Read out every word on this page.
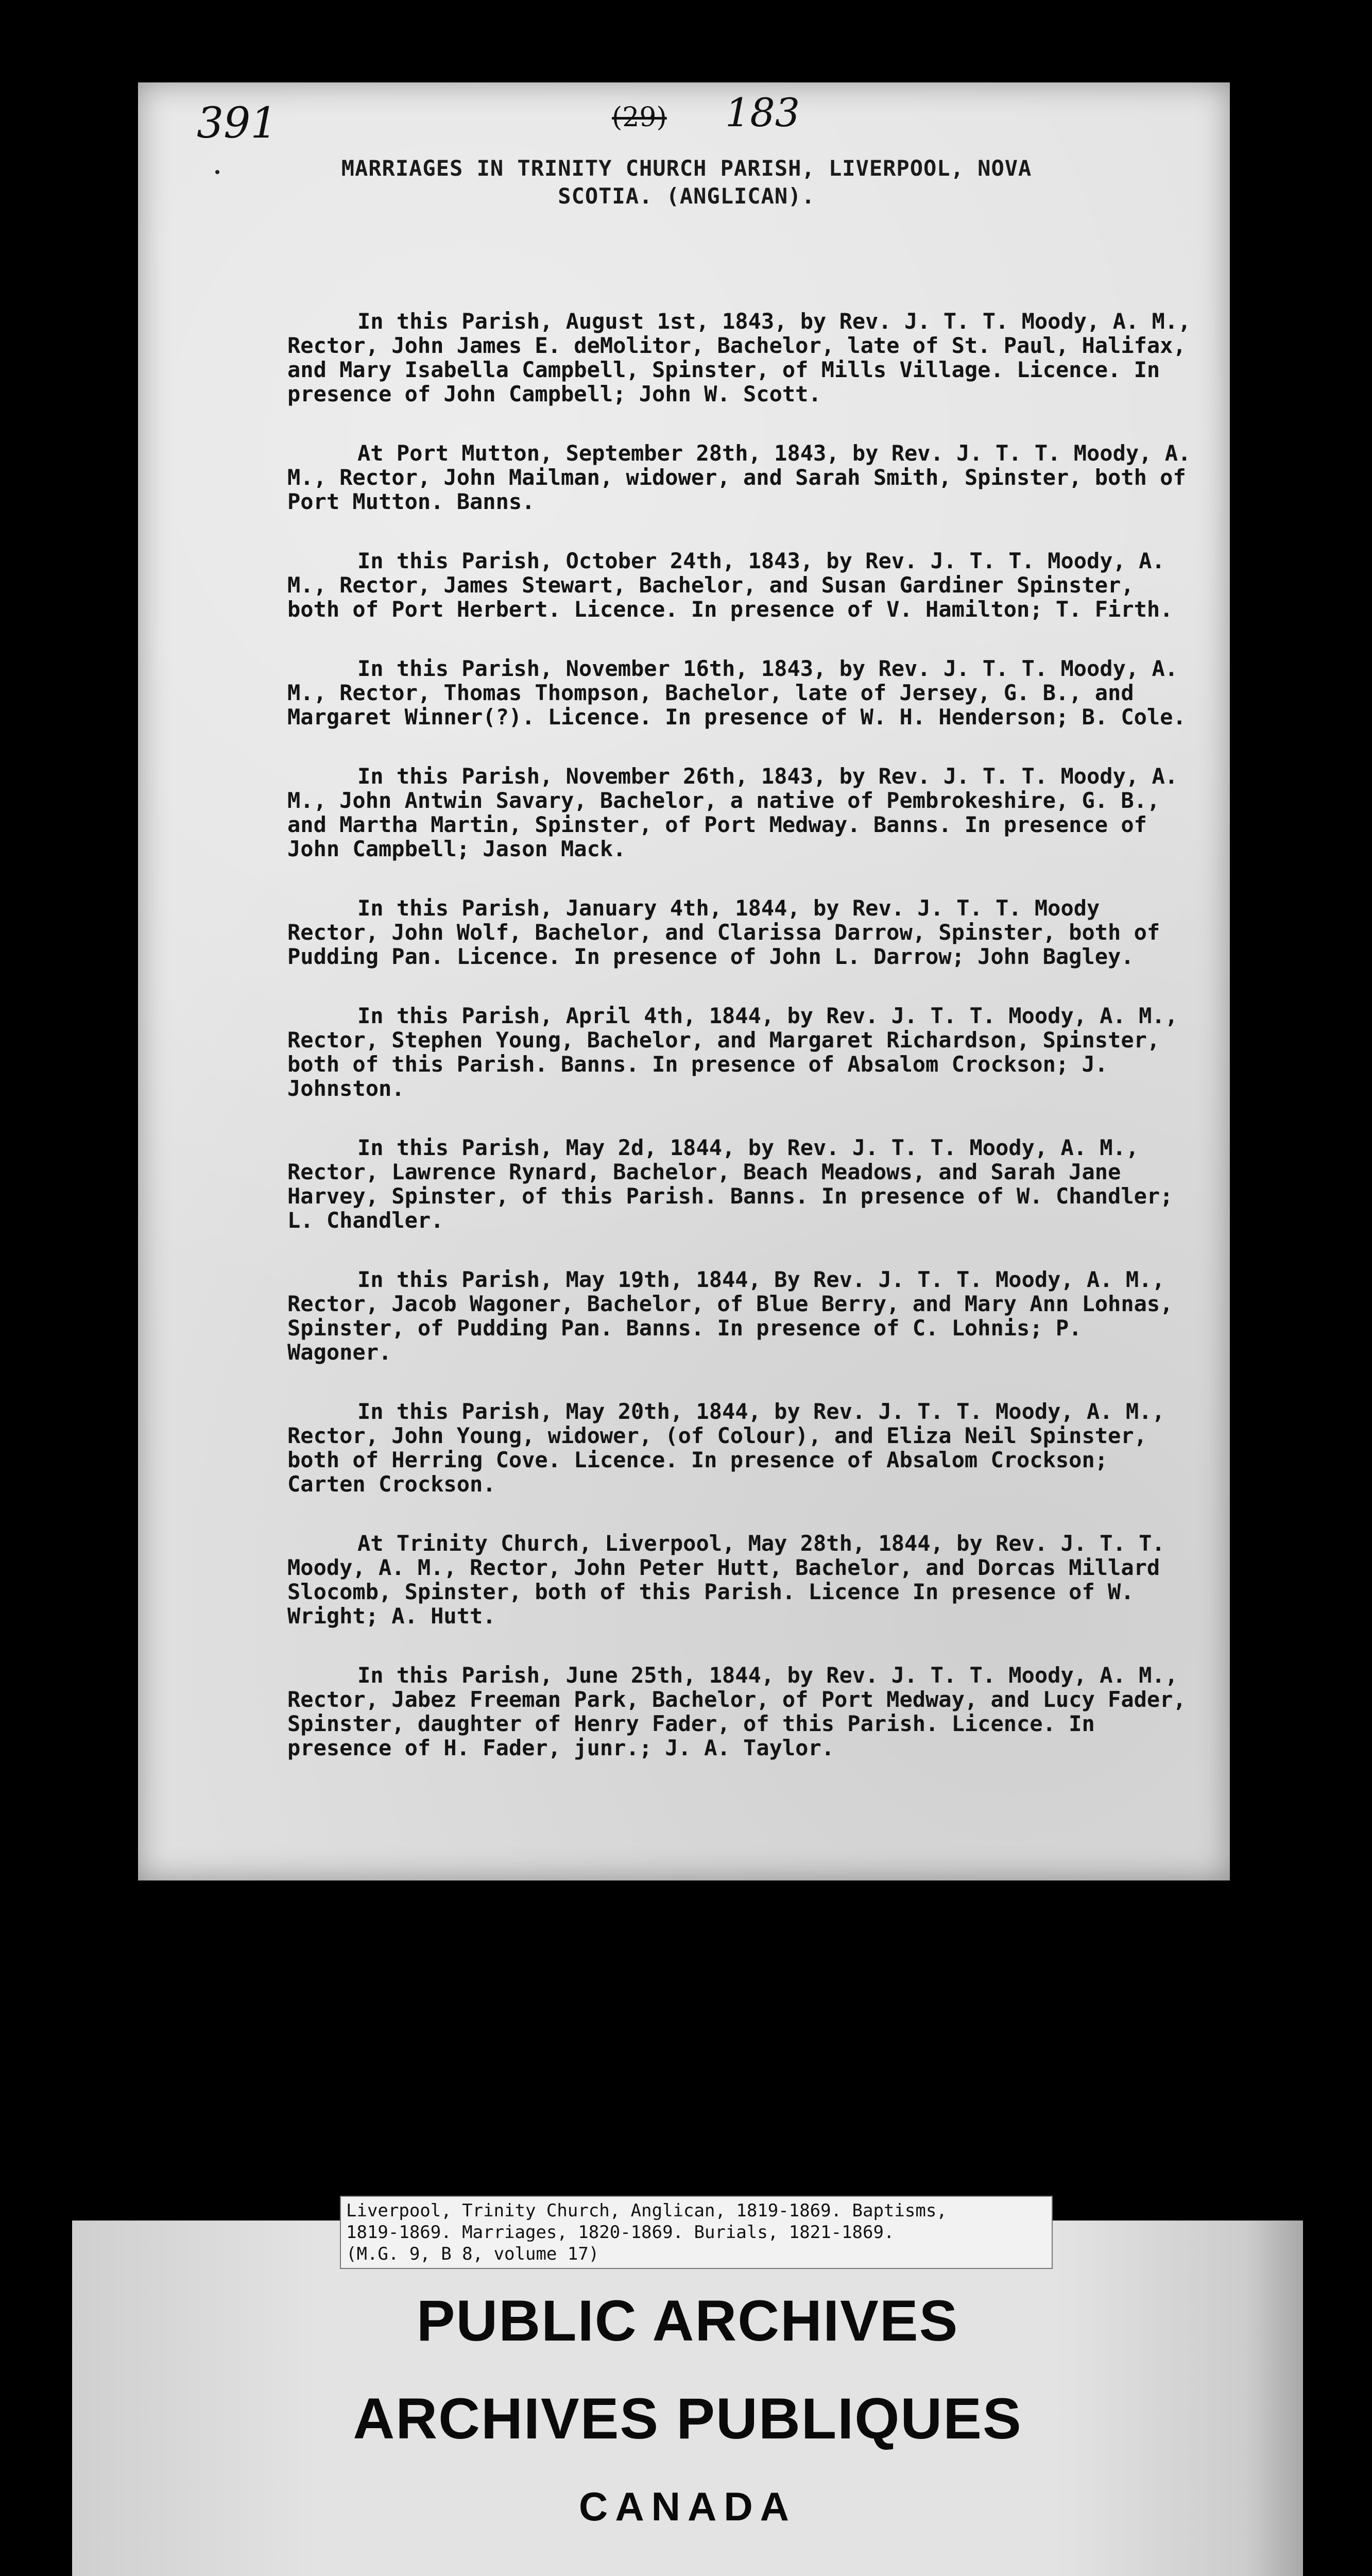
391	(29) 183
MARRIAGES IN TRINITY CHURCH PARISH, LIVERPOOL, NOVA
SCOTIA. (ANGLICAN).

In this Parish, August 1st, 1843, by Rev. J. T. T. Moody, A. M., Rector, John James E. deMolitor, Bachelor, late of St. Paul, Halifax, and Mary Isabella Campbell, Spinster, of Mills Village. Licence. In presence of John Campbell; John W. Scott.

At Port Mutton, September 28th, 1843, by Rev. J. T. T. Moody, A. M., Rector, John Mailman, widower, and Sarah Smith, Spinster, both of Port Mutton. Banns.

In this Parish, October 24th, 1843, by Rev. J. T. T. Moody, A. M., Rector, James Stewart, Bachelor, and Susan Gardiner Spinster, both of Port Herbert. Licence. In presence of V. Hamilton; T. Firth.

In this Parish, November 16th, 1843, by Rev. J. T. T. Moody, A. M., Rector, Thomas Thompson, Bachelor, late of Jersey, G. B., and Margaret Winner(?). Licence. In presence of W. H. Henderson; B. Cole.

In this Parish, November 26th, 1843, by Rev. J. T. T. Moody, A. M., John Antwin Savary, Bachelor, a native of Pembrokeshire, G. B., and Martha Martin, Spinster, of Port Medway. Banns. In presence of John Campbell; Jason Mack.

In this Parish, January 4th, 1844, by Rev. J. T. T. Moody Rector, John Wolf, Bachelor, and Clarissa Darrow, Spinster, both of Pudding Pan. Licence. In presence of John L. Darrow; John Bagley.

In this Parish, April 4th, 1844, by Rev. J. T. T. Moody, A. M., Rector, Stephen Young, Bachelor, and Margaret Richardson, Spinster, both of this Parish. Banns. In presence of Absalom Crockson; J. Johnston.

In this Parish, May 2d, 1844, by Rev. J. T. T. Moody, A. M., Rector, Lawrence Rynard, Bachelor, Beach Meadows, and Sarah Jane Harvey, Spinster, of this Parish. Banns. In presence of W. Chandler; L. Chandler.

In this Parish, May 19th, 1844, By Rev. J. T. T. Moody, A. M., Rector, Jacob Wagoner, Bachelor, of Blue Berry, and Mary Ann Lohnas, Spinster, of Pudding Pan. Banns. In presence of C. Lohnis; P. Wagoner.

In this Parish, May 20th, 1844, by Rev. J. T. T. Moody, A. M., Rector, John Young, widower, (of Colour), and Eliza Neil Spinster, both of Herring Cove. Licence. In presence of Absalom Crockson; Carten Crockson.

At Trinity Church, Liverpool, May 28th, 1844, by Rev. J. T. T. Moody, A. M., Rector, John Peter Hutt, Bachelor, and Dorcas Millard Slocomb, Spinster, both of this Parish. Licence In presence of W. Wright; A. Hutt.

In this Parish, June 25th, 1844, by Rev. J. T. T. Moody, A. M., Rector, Jabez Freeman Park, Bachelor, of Port Medway, and Lucy Fader, Spinster, daughter of Henry Fader, of this Parish. Licence. In presence of H. Fader, junr.; J. A. Taylor.

Liverpool, Trinity Church, Anglican, 1819-1869. Baptisms,
1819-1869. Marriages, 1820-1869. Burials, 1821-1869.
(M.G. 9, B 8, volume 17)
PUBLIC ARCHIVES
ARCHIVES PUBLIQUES
CANADA
